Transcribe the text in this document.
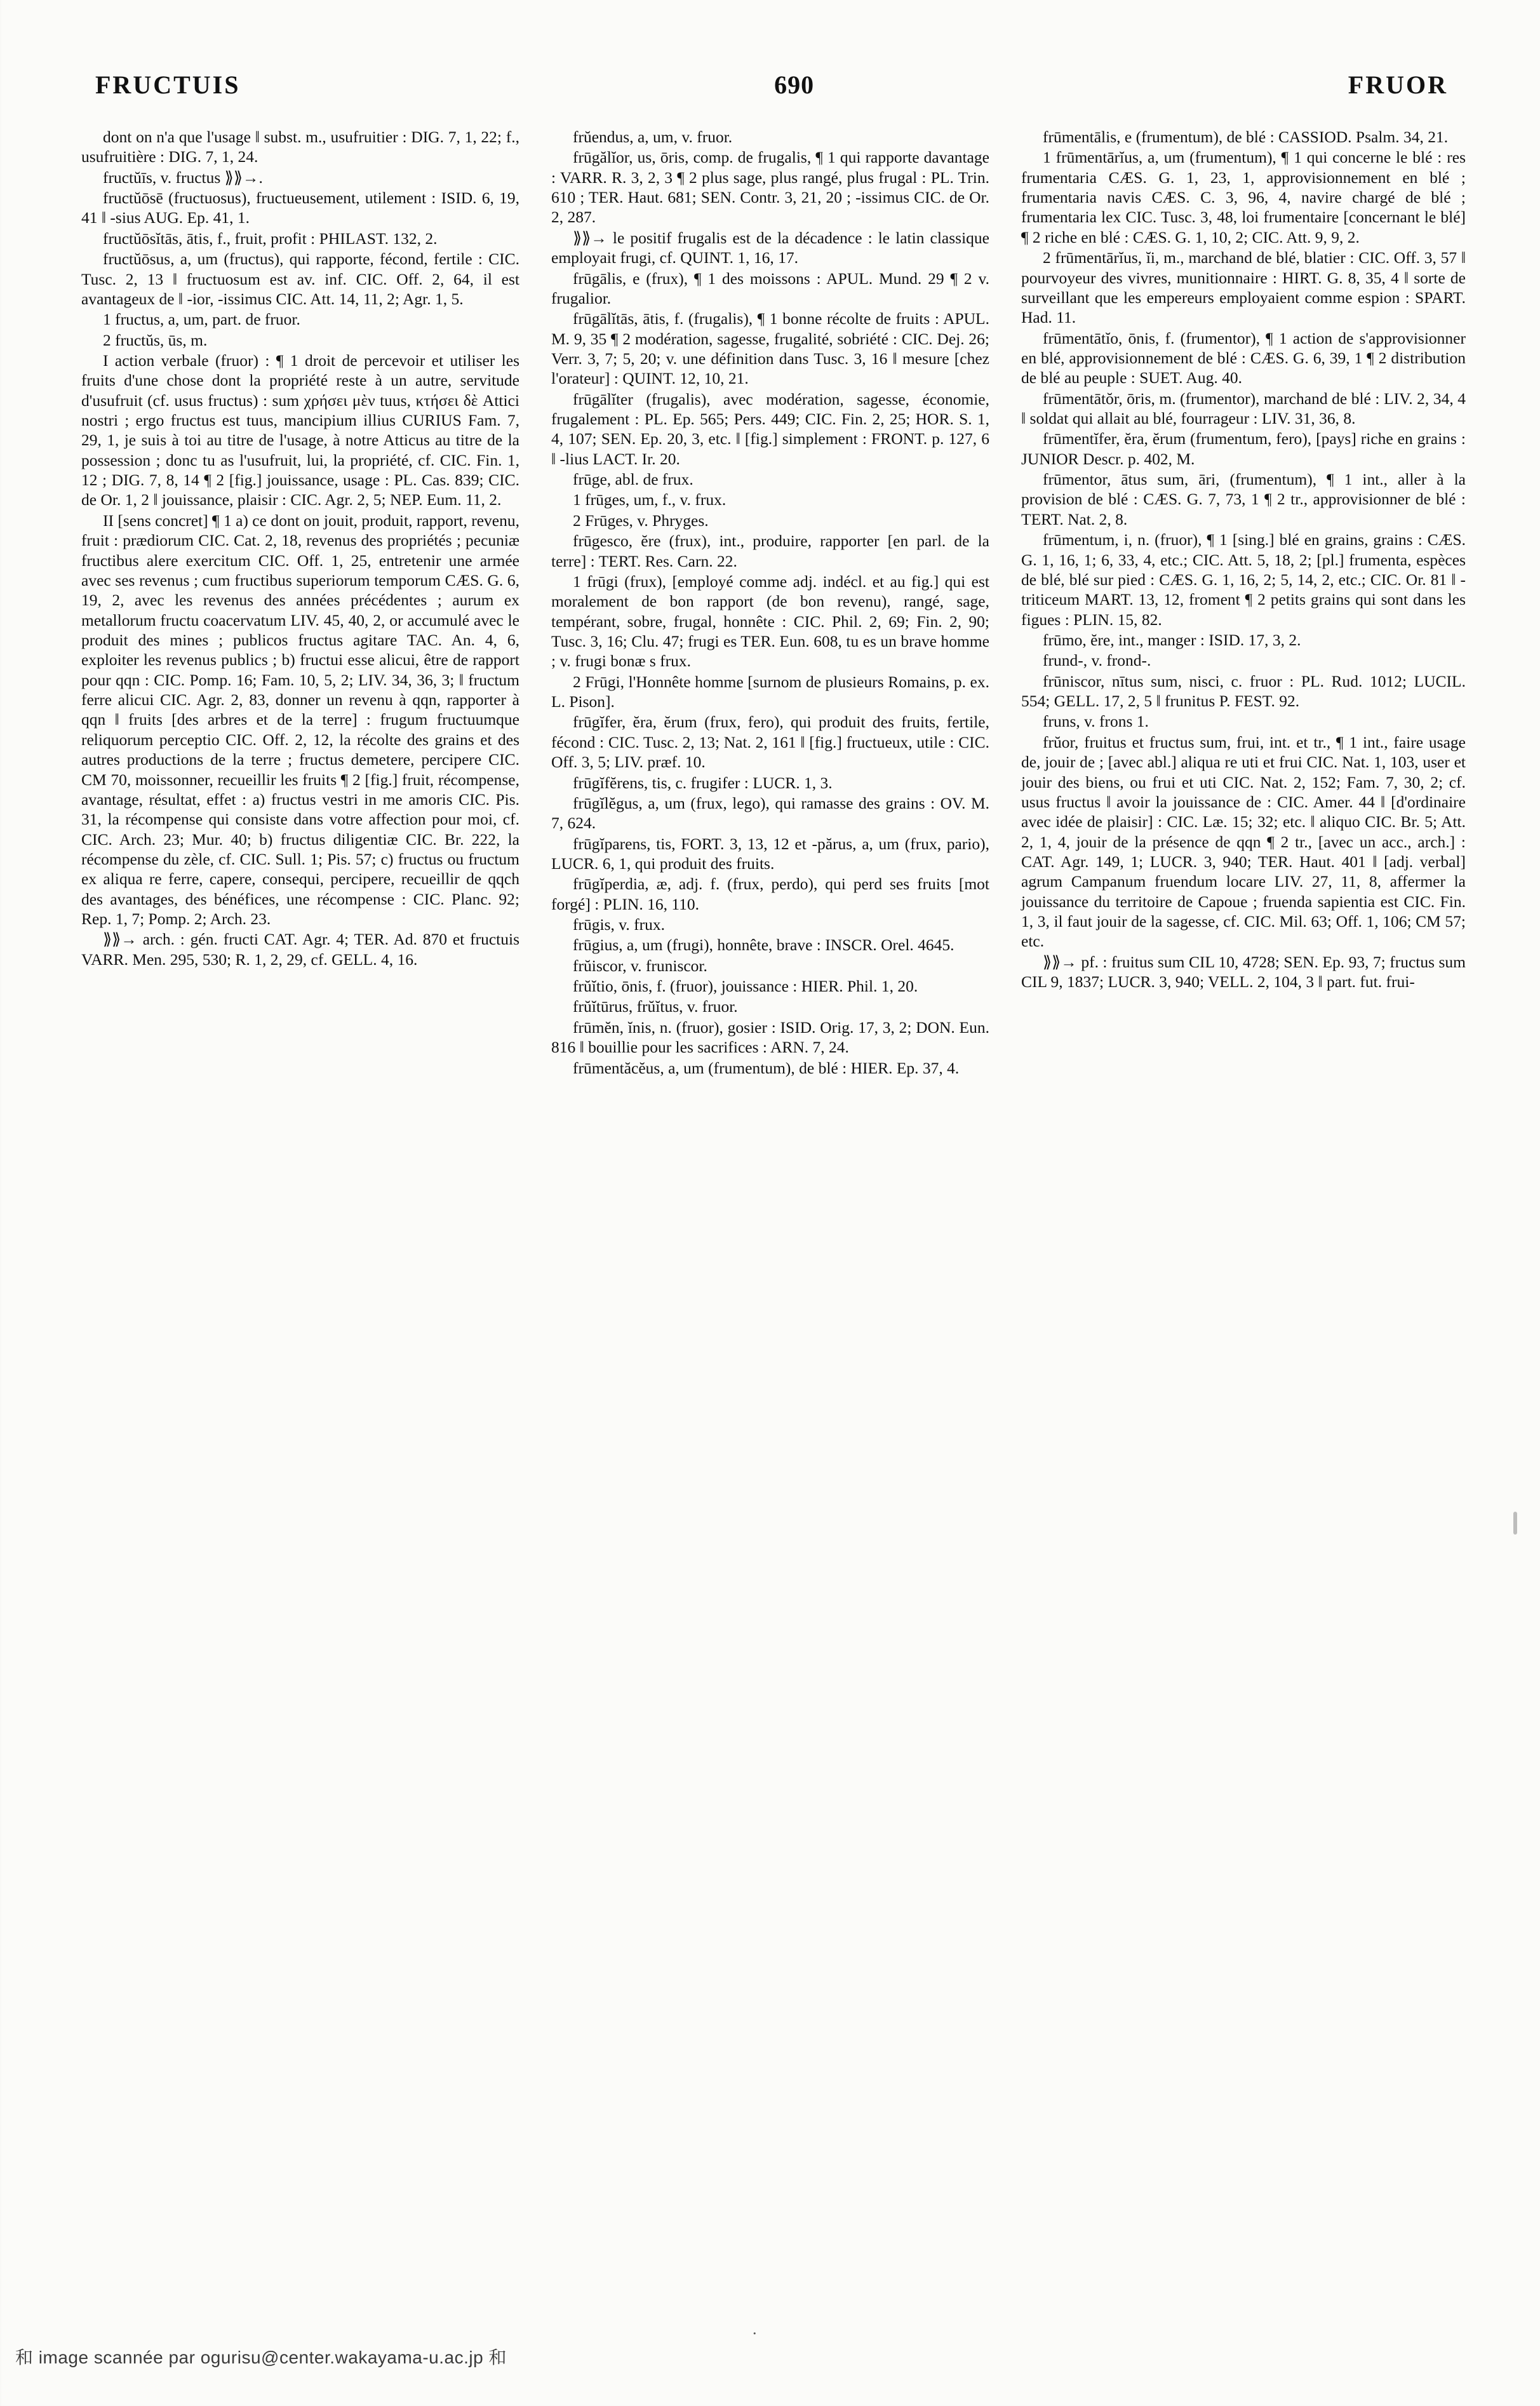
FRUCTUIS	690	FRUOR

dont on n'a que l'usage ‖ subst. m., usufruitier : DIG. 7, 1, 22; f., usufruitière : DIG. 7, 1, 24.

fructŭīs, v. fructus ⟫⟫→.

fructŭōsē (fructuosus), fructueusement, utilement : ISID. 6, 19, 41 ‖ -sius AUG. Ep. 41, 1.

fructŭōsĭtās, ātis, f., fruit, profit : PHILAST. 132, 2.

fructŭōsus, a, um (fructus), qui rapporte, fécond, fertile : CIC. Tusc. 2, 13 ‖ fructuosum est av. inf. CIC. Off. 2, 64, il est avantageux de ‖ -ior, -issimus CIC. Att. 14, 11, 2; Agr. 1, 5.

1 fructus, a, um, part. de fruor.

2 fructŭs, ūs, m.

I action verbale (fruor) : ¶ 1 droit de percevoir et utiliser les fruits d'une chose dont la propriété reste à un autre, servitude d'usufruit (cf. usus fructus) : sum χρήσει μὲν tuus, κτήσει δὲ Attici nostri ; ergo fructus est tuus, mancipium illius CURIUS Fam. 7, 29, 1, je suis à toi au titre de l'usage, à notre Atticus au titre de la possession ; donc tu as l'usufruit, lui, la propriété, cf. CIC. Fin. 1, 12 ; DIG. 7, 8, 14 ¶ 2 [fig.] jouissance, usage : PL. Cas. 839; CIC. de Or. 1, 2 ‖ jouissance, plaisir : CIC. Agr. 2, 5; NEP. Eum. 11, 2.

II [sens concret] ¶ 1 a) ce dont on jouit, produit, rapport, revenu, fruit : prædiorum CIC. Cat. 2, 18, revenus des propriétés ; pecuniæ fructibus alere exercitum CIC. Off. 1, 25, entretenir une armée avec ses revenus ; cum fructibus superiorum temporum CÆS. G. 6, 19, 2, avec les revenus des années précédentes ; aurum ex metallorum fructu coacervatum LIV. 45, 40, 2, or accumulé avec le produit des mines ; publicos fructus agitare TAC. An. 4, 6, exploiter les revenus publics ; b) fructui esse alicui, être de rapport pour qqn : CIC. Pomp. 16; Fam. 10, 5, 2; LIV. 34, 36, 3; ‖ fructum ferre alicui CIC. Agr. 2, 83, donner un revenu à qqn, rapporter à qqn ‖ fruits [des arbres et de la terre] : frugum fructuumque reliquorum perceptio CIC. Off. 2, 12, la récolte des grains et des autres productions de la terre ; fructus demetere, percipere CIC. CM 70, moissonner, recueillir les fruits ¶ 2 [fig.] fruit, récompense, avantage, résultat, effet : a) fructus vestri in me amoris CIC. Pis. 31, la récompense qui consiste dans votre affection pour moi, cf. CIC. Arch. 23; Mur. 40; b) fructus diligentiæ CIC. Br. 222, la récompense du zèle, cf. CIC. Sull. 1; Pis. 57; c) fructus ou fructum ex aliqua re ferre, capere, consequi, percipere, recueillir de qqch des avantages, des bénéfices, une récompense : CIC. Planc. 92; Rep. 1, 7; Pomp. 2; Arch. 23.

⟫⟫→ arch. : gén. fructi CAT. Agr. 4; TER. Ad. 870 et fructuis VARR. Men. 295, 530; R. 1, 2, 29, cf. GELL. 4, 16.

frŭendus, a, um, v. fruor.

frūgălĭor, us, ōris, comp. de frugalis, ¶ 1 qui rapporte davantage : VARR. R. 3, 2, 3 ¶ 2 plus sage, plus rangé, plus frugal : PL. Trin. 610 ; TER. Haut. 681; SEN. Contr. 3, 21, 20 ; -issimus CIC. de Or. 2, 287.

⟫⟫→ le positif frugalis est de la décadence : le latin classique employait frugi, cf. QUINT. 1, 16, 17.

frūgālis, e (frux), ¶ 1 des moissons : APUL. Mund. 29 ¶ 2 v. frugalior.

frūgālĭtās, ātis, f. (frugalis), ¶ 1 bonne récolte de fruits : APUL. M. 9, 35 ¶ 2 modération, sagesse, frugalité, sobriété : CIC. Dej. 26; Verr. 3, 7; 5, 20; v. une définition dans Tusc. 3, 16 ‖ mesure [chez l'orateur] : QUINT. 12, 10, 21.

frūgālĭter (frugalis), avec modération, sagesse, économie, frugalement : PL. Ep. 565; Pers. 449; CIC. Fin. 2, 25; HOR. S. 1, 4, 107; SEN. Ep. 20, 3, etc. ‖ [fig.] simplement : FRONT. p. 127, 6 ‖ -lius LACT. Ir. 20.

frūge, abl. de frux.

1 frūges, um, f., v. frux.

2 Frūges, v. Phryges.

frūgesco, ĕre (frux), int., produire, rapporter [en parl. de la terre] : TERT. Res. Carn. 22.

1 frūgi (frux), [employé comme adj. indécl. et au fig.] qui est moralement de bon rapport (de bon revenu), rangé, sage, tempérant, sobre, frugal, honnête : CIC. Phil. 2, 69; Fin. 2, 90; Tusc. 3, 16; Clu. 47; frugi es TER. Eun. 608, tu es un brave homme ; v. frugi bonæ s frux.

2 Frūgi, l'Honnête homme [surnom de plusieurs Romains, p. ex. L. Pison].

frūgĭfer, ĕra, ĕrum (frux, fero), qui produit des fruits, fertile, fécond : CIC. Tusc. 2, 13; Nat. 2, 161 ‖ [fig.] fructueux, utile : CIC. Off. 3, 5; LIV. præf. 10.

frūgĭfĕrens, tis, c. frugifer : LUCR. 1, 3.

frūgĭlĕgus, a, um (frux, lego), qui ramasse des grains : OV. M. 7, 624.

frūgĭparens, tis, FORT. 3, 13, 12 et -părus, a, um (frux, pario), LUCR. 6, 1, qui produit des fruits.

frūgĭperdia, æ, adj. f. (frux, perdo), qui perd ses fruits [mot forgé] : PLIN. 16, 110.

frūgis, v. frux.

frūgius, a, um (frugi), honnête, brave : INSCR. Orel. 4645.

frŭiscor, v. fruniscor.

frŭĭtio, ōnis, f. (fruor), jouissance : HIER. Phil. 1, 20.

frŭĭtūrus, frŭĭtus, v. fruor.

frūmĕn, ĭnis, n. (fruor), gosier : ISID. Orig. 17, 3, 2; DON. Eun. 816 ‖ bouillie pour les sacrifices : ARN. 7, 24.

frūmentăcĕus, a, um (frumentum), de blé : HIER. Ep. 37, 4.

frūmentālis, e (frumentum), de blé : CASSIOD. Psalm. 34, 21.

1 frūmentārĭus, a, um (frumentum), ¶ 1 qui concerne le blé : res frumentaria CÆS. G. 1, 23, 1, approvisionnement en blé ; frumentaria navis CÆS. C. 3, 96, 4, navire chargé de blé ; frumentaria lex CIC. Tusc. 3, 48, loi frumentaire [concernant le blé] ¶ 2 riche en blé : CÆS. G. 1, 10, 2; CIC. Att. 9, 9, 2.

2 frūmentārĭus, ĭi, m., marchand de blé, blatier : CIC. Off. 3, 57 ‖ pourvoyeur des vivres, munitionnaire : HIRT. G. 8, 35, 4 ‖ sorte de surveillant que les empereurs employaient comme espion : SPART. Had. 11.

frūmentātĭo, ōnis, f. (frumentor), ¶ 1 action de s'approvisionner en blé, approvisionnement de blé : CÆS. G. 6, 39, 1 ¶ 2 distribution de blé au peuple : SUET. Aug. 40.

frūmentātŏr, ōris, m. (frumentor), marchand de blé : LIV. 2, 34, 4 ‖ soldat qui allait au blé, fourrageur : LIV. 31, 36, 8.

frūmentĭfer, ĕra, ĕrum (frumentum, fero), [pays] riche en grains : JUNIOR Descr. p. 402, M.

frūmentor, ātus sum, āri, (frumentum), ¶ 1 int., aller à la provision de blé : CÆS. G. 7, 73, 1 ¶ 2 tr., approvisionner de blé : TERT. Nat. 2, 8.

frūmentum, i, n. (fruor), ¶ 1 [sing.] blé en grains, grains : CÆS. G. 1, 16, 1; 6, 33, 4, etc.; CIC. Att. 5, 18, 2; [pl.] frumenta, espèces de blé, blé sur pied : CÆS. G. 1, 16, 2; 5, 14, 2, etc.; CIC. Or. 81 ‖ -triticeum MART. 13, 12, froment ¶ 2 petits grains qui sont dans les figues : PLIN. 15, 82.

frūmo, ĕre, int., manger : ISID. 17, 3, 2.

frund-, v. frond-.

frūniscor, nītus sum, nisci, c. fruor : PL. Rud. 1012; LUCIL. 554; GELL. 17, 2, 5 ‖ frunitus P. FEST. 92.

fruns, v. frons 1.

frŭor, fruitus et fructus sum, frui, int. et tr., ¶ 1 int., faire usage de, jouir de ; [avec abl.] aliqua re uti et frui CIC. Nat. 1, 103, user et jouir des biens, ou frui et uti CIC. Nat. 2, 152; Fam. 7, 30, 2; cf. usus fructus ‖ avoir la jouissance de : CIC. Amer. 44 ‖ [d'ordinaire avec idée de plaisir] : CIC. Læ. 15; 32; etc. ‖ aliquo CIC. Br. 5; Att. 2, 1, 4, jouir de la présence de qqn ¶ 2 tr., [avec un acc., arch.] : CAT. Agr. 149, 1; LUCR. 3, 940; TER. Haut. 401 ‖ [adj. verbal] agrum Campanum fruendum locare LIV. 27, 11, 8, affermer la jouissance du territoire de Capoue ; fruenda sapientia est CIC. Fin. 1, 3, il faut jouir de la sagesse, cf. CIC. Mil. 63; Off. 1, 106; CM 57; etc.

⟫⟫→ pf. : fruitus sum CIL 10, 4728; SEN. Ep. 93, 7; fructus sum CIL 9, 1837; LUCR. 3, 940; VELL. 2, 104, 3 ‖ part. fut. frui-

.
和 image scannée par ogurisu@center.wakayama-u.ac.jp 和
